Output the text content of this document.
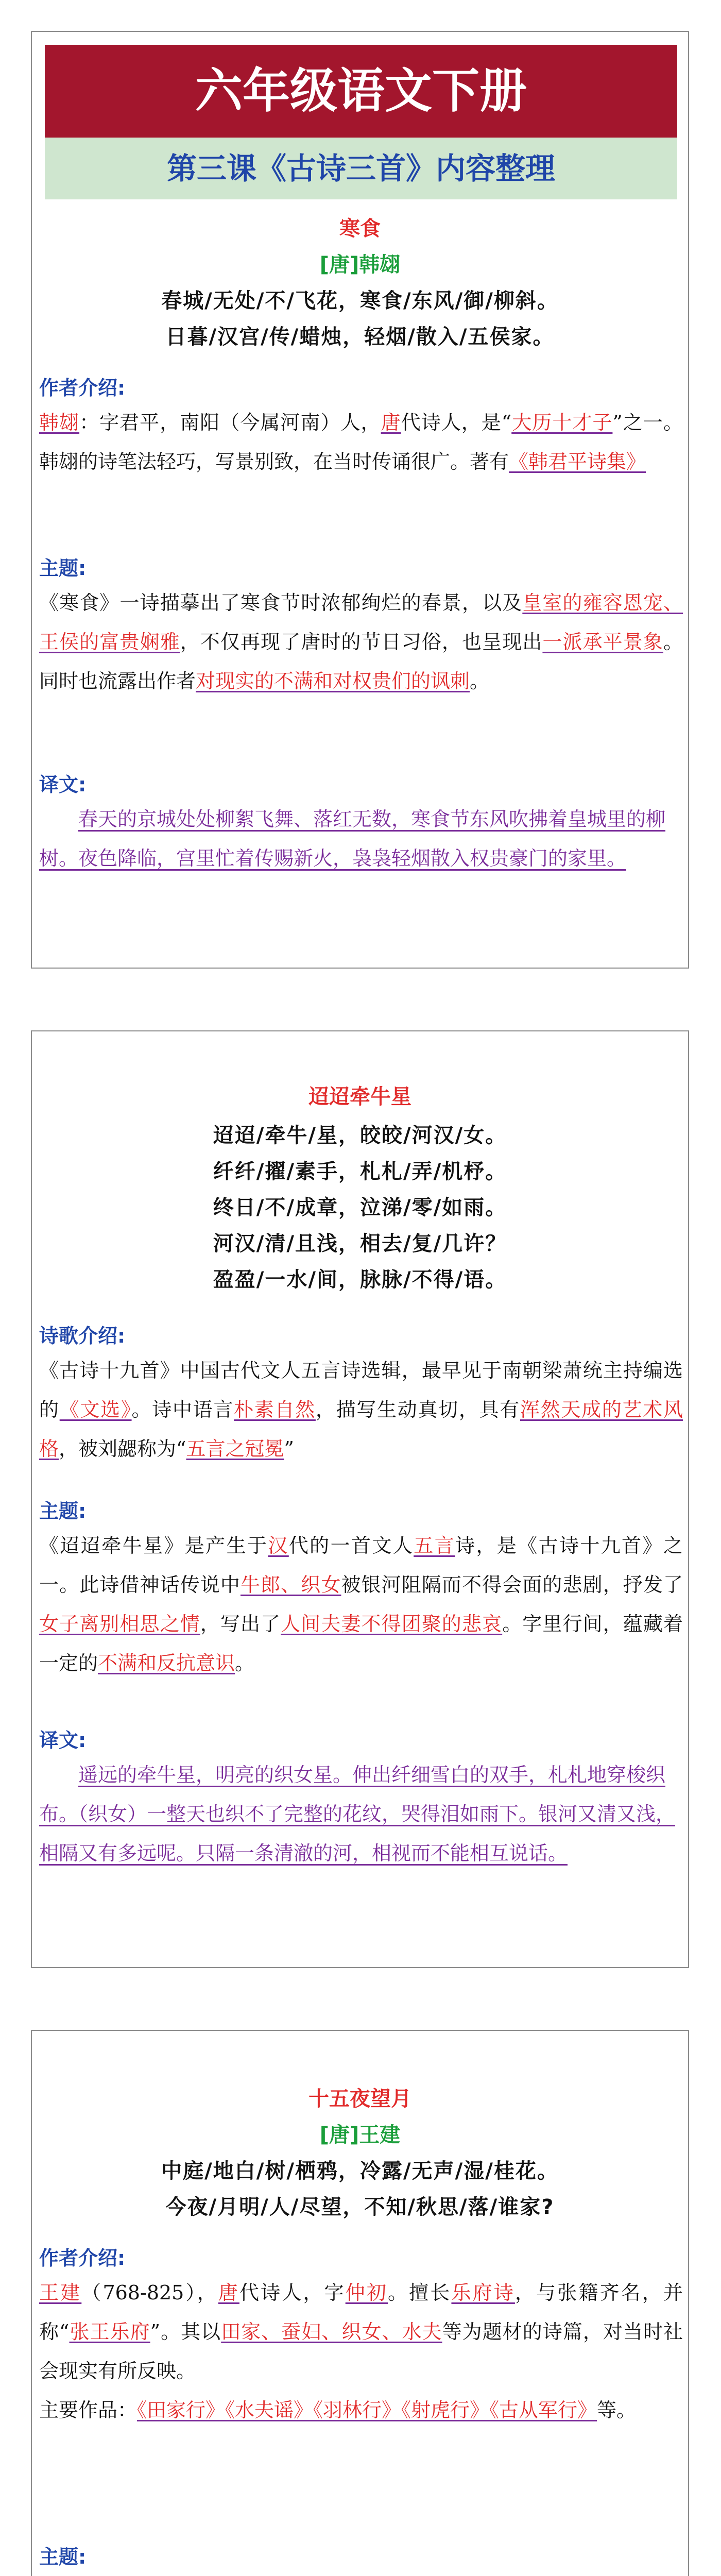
六年级语文下册
第三课《古诗三首》内容整理
寒食
[唐]韩翃
春城/无处/不/飞花，寒食/东风/御/柳斜。
日暮/汉宫/传/蜡烛，轻烟/散入/五侯家。
作者介绍:
韩翃：字君平，南阳（今属河南）人，唐代诗人，是“大历十才子”之一。韩翃的诗笔法轻巧，写景别致，在当时传诵很广。著有《韩君平诗集》
主题:
《寒食》一诗描摹出了寒食节时浓郁绚烂的春景，以及皇室的雍容恩宠、王侯的富贵娴雅，不仅再现了唐时的节日习俗，也呈现出一派承平景象。同时也流露出作者对现实的不满和对权贵们的讽刺。
译文:
春天的京城处处柳絮飞舞、落红无数，寒食节东风吹拂着皇城里的柳树。夜色降临，宫里忙着传赐新火，袅袅轻烟散入权贵豪门的家里。
迢迢牵牛星
迢迢/牵牛/星，皎皎/河汉/女。
纤纤/擢/素手，札札/弄/机杼。
终日/不/成章，泣涕/零/如雨。
河汉/清/且浅，相去/复/几许？
盈盈/一水/间，脉脉/不得/语。
诗歌介绍:
《古诗十九首》中国古代文人五言诗选辑，最早见于南朝梁萧统主持编选的《文选》。诗中语言朴素自然，描写生动真切，具有浑然天成的艺术风格，被刘勰称为“五言之冠冕”
主题:
《迢迢牵牛星》是产生于汉代的一首文人五言诗，是《古诗十九首》之一。此诗借神话传说中牛郎、织女被银河阻隔而不得会面的悲剧，抒发了女子离别相思之情，写出了人间夫妻不得团聚的悲哀。字里行间，蕴藏着一定的不满和反抗意识。
译文:
遥远的牵牛星，明亮的织女星。伸出纤细雪白的双手，札札地穿梭织布。（织女）一整天也织不了完整的花纹，哭得泪如雨下。银河又清又浅，相隔又有多远呢。只隔一条清澈的河，相视而不能相互说话。
十五夜望月
[唐]王建
中庭/地白/树/栖鸦，冷露/无声/湿/桂花。
今夜/月明/人/尽望，不知/秋思/落/谁家?
作者介绍:
王建（768-825），唐代诗人，字仲初。擅长乐府诗，与张籍齐名，并称“张王乐府”。其以田家、蚕妇、织女、水夫等为题材的诗篇，对当时社会现实有所反映。
主要作品：《田家行》《水夫谣》《羽林行》《射虎行》《古从军行》等。
主题:
